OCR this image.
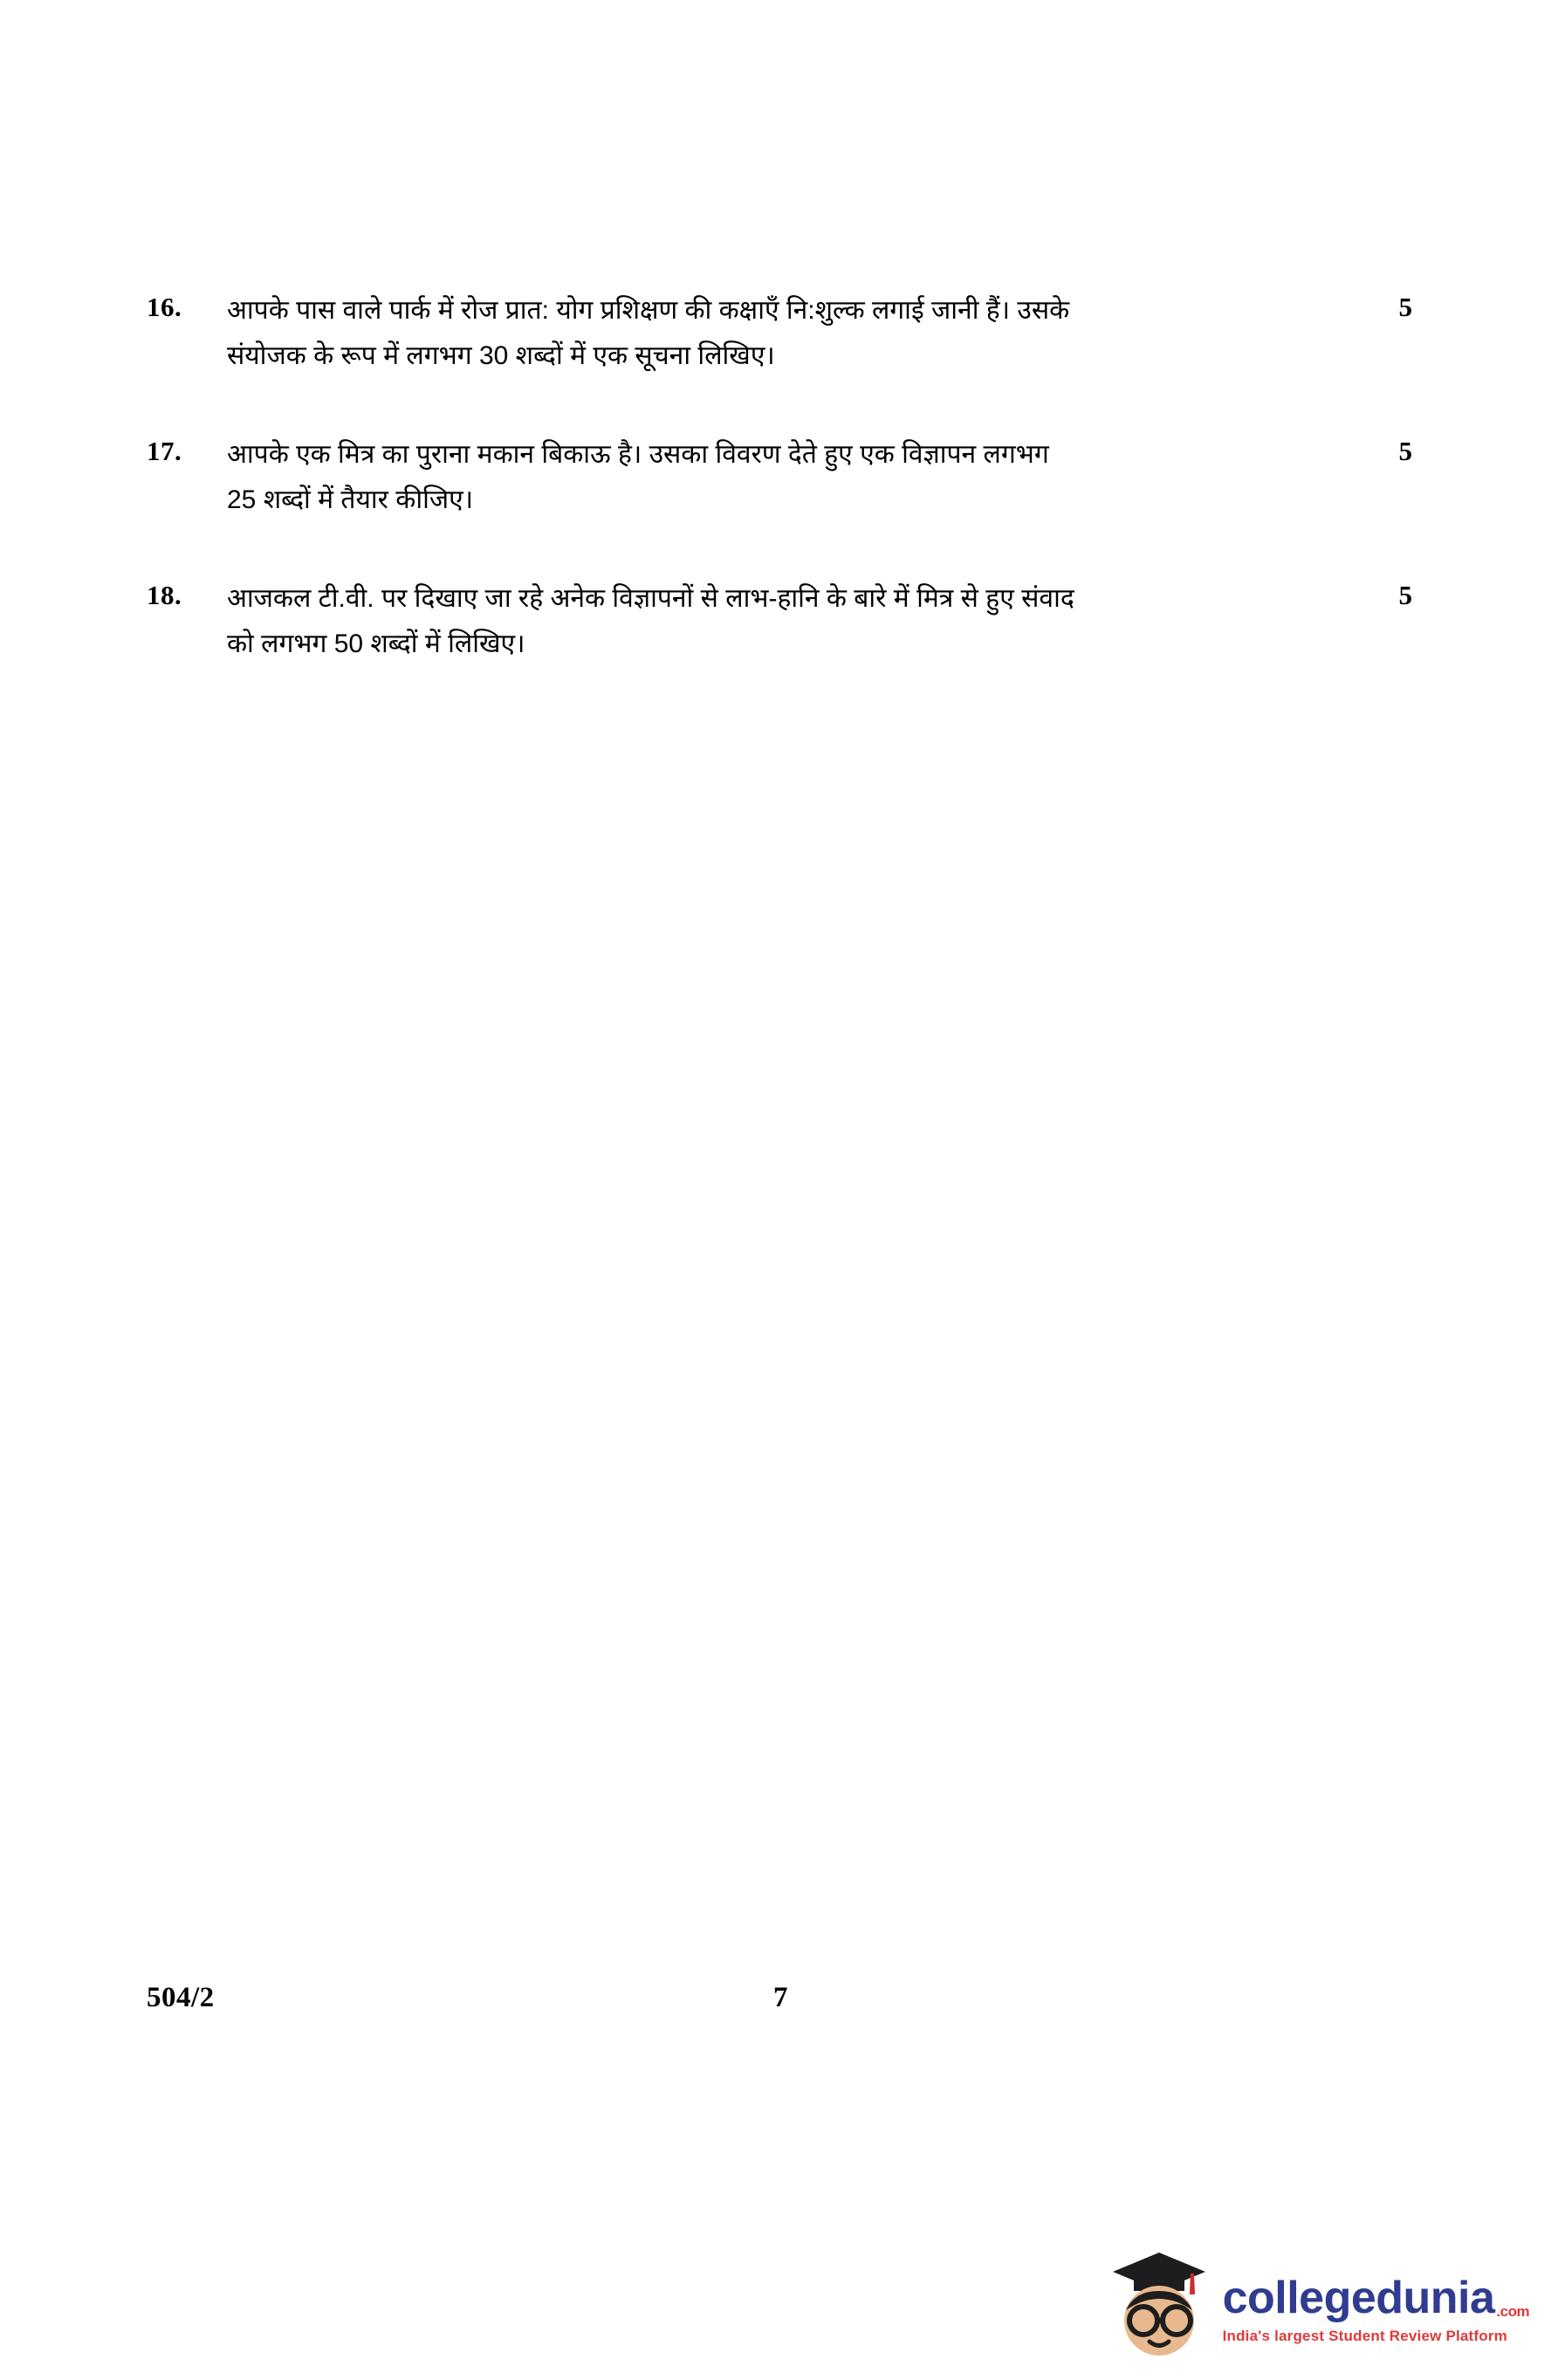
16.	आपके पास वाले पार्क में रोज प्रात: योग प्रशिक्षण की कक्षाएँ नि:शुल्क लगाई जानी हैं। उसके
संयोजक के रूप में लगभग 30 शब्दों में एक सूचना लिखिए।
5
17.	आपके एक मित्र का पुराना मकान बिकाऊ है। उसका विवरण देते हुए एक विज्ञापन लगभग
25 शब्दों में तैयार कीजिए।
5
18.	आजकल टी.वी. पर दिखाए जा रहे अनेक विज्ञापनों से लाभ-हानि के बारे में मित्र से हुए संवाद
को लगभग 50 शब्दों में लिखिए।
5
504/2	7
collegedunia .com
India's largest Student Review Platform
